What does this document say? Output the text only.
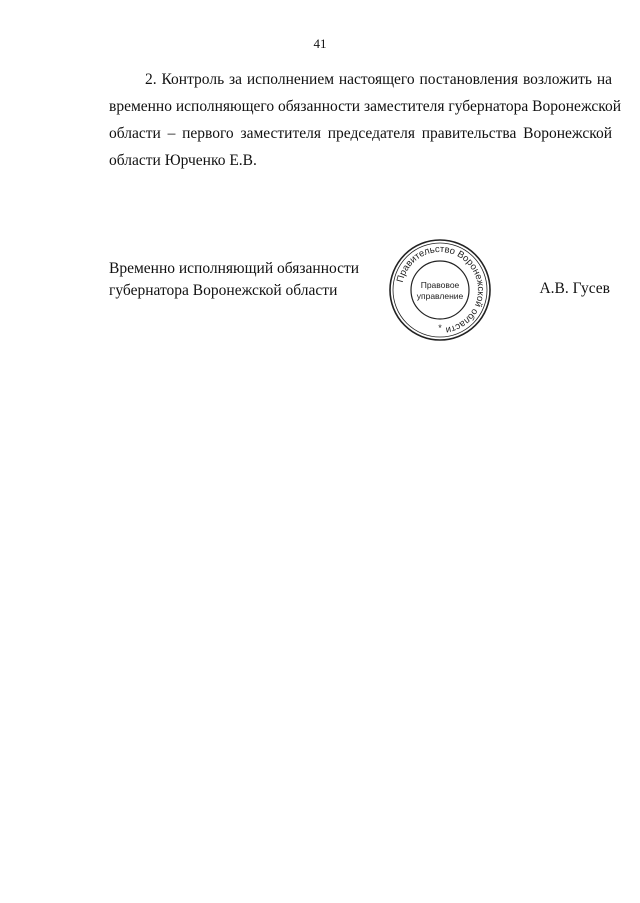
41
2. Контроль за исполнением настоящего постановления возложить на
временно исполняющего обязанности заместителя губернатора Воронежской
области – первого заместителя председателя правительства Воронежской
области Юрченко Е.В.
Временно исполняющий обязанности
губернатора Воронежской области
Правительство Воронежской области
Правовое
управление
*
А.В. Гусев
